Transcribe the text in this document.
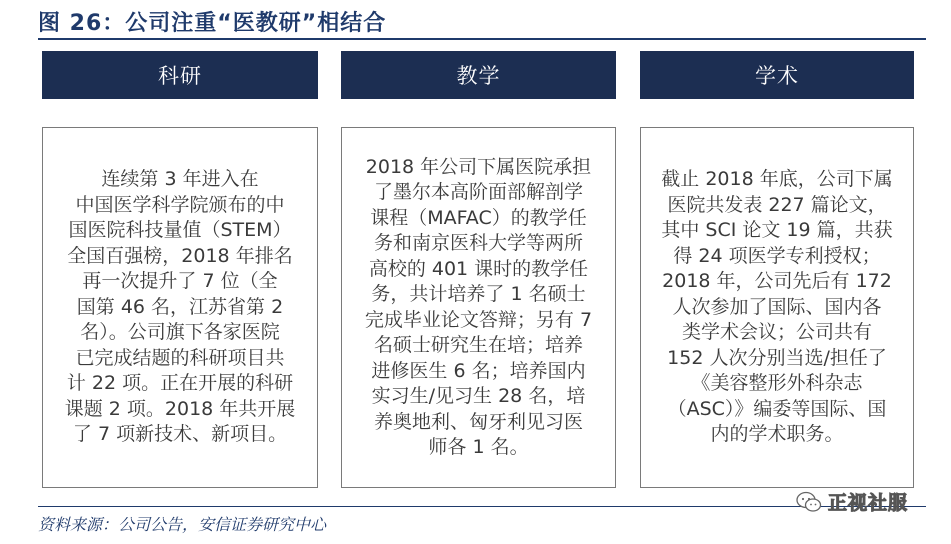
图 26：公司注重“医教研”相结合
科研	教学	学术
连续第 3 年进入在
中国医学科学院颁布的中
国医院科技量值（STEM）
全国百强榜，2018 年排名
再一次提升了 7 位（全
国第 46 名，江苏省第 2
名）。公司旗下各家医院
已完成结题的科研项目共
计 22 项。正在开展的科研
课题 2 项。2018 年共开展
了 7 项新技术、新项目。
2018 年公司下属医院承担
了墨尔本高阶面部解剖学
课程（MAFAC）的教学任
务和南京医科大学等两所
高校的 401 课时的教学任
务，共计培养了 1 名硕士
完成毕业论文答辩；另有 7
名硕士研究生在培；培养
进修医生 6 名；培养国内
实习生/见习生 28 名，培
养奥地利、匈牙利见习医
师各 1 名。
截止 2018 年底，公司下属
医院共发表 227 篇论文，
其中 SCI 论文 19 篇，共获
得 24 项医学专利授权；
2018 年，公司先后有 172
人次参加了国际、国内各
类学术会议；公司共有
152 人次分别当选/担任了
《美容整形外科杂志
（ASC）》编委等国际、国
内的学术职务。
资料来源：公司公告，安信证券研究中心
正视社服
